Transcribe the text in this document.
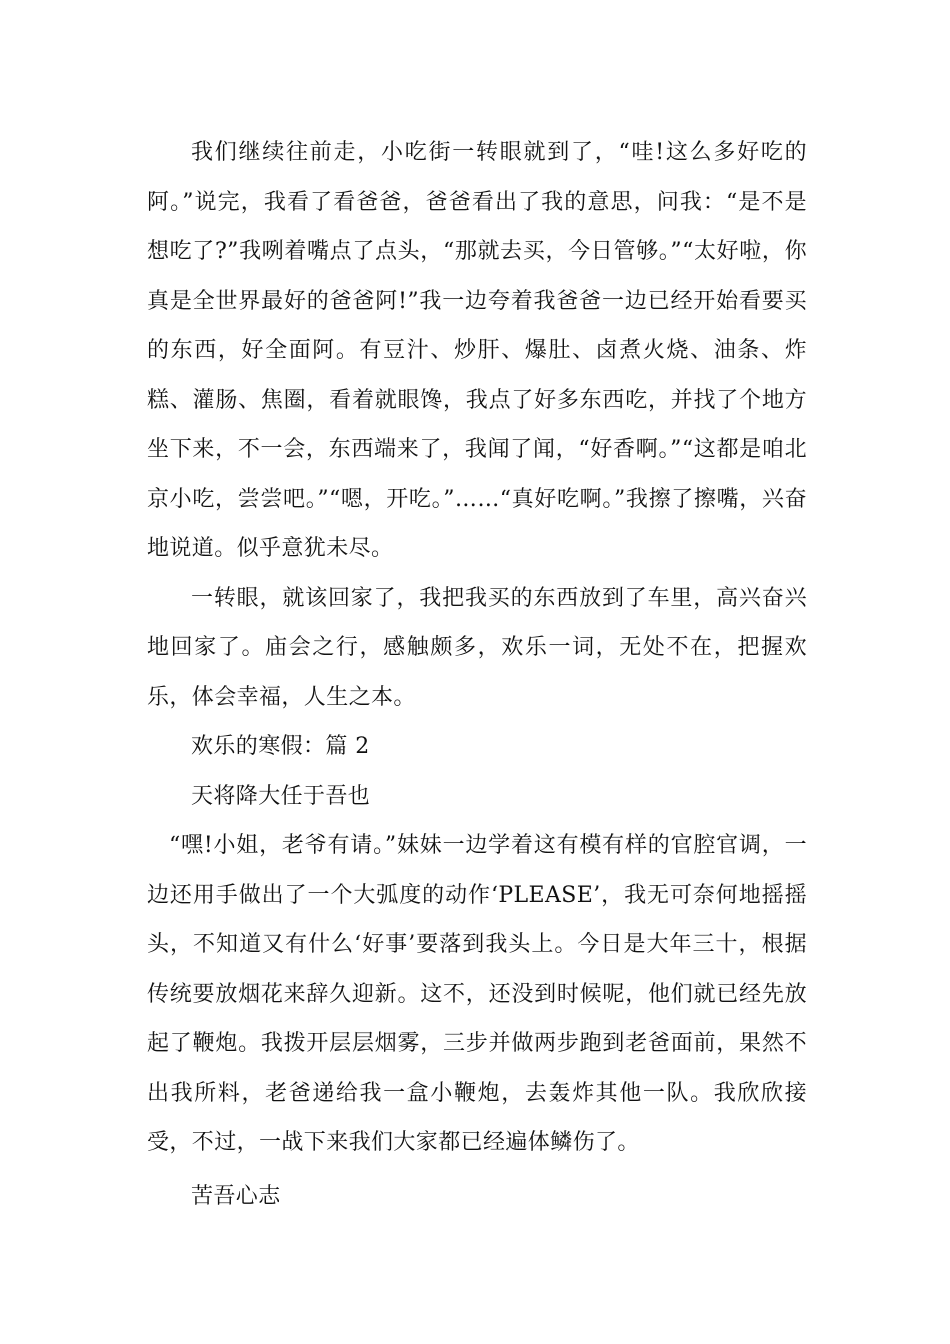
我们继续往前走，小吃街一转眼就到了，“哇!这么多好吃的阿。”说完，我看了看爸爸，爸爸看出了我的意思，问我：“是不是想吃了?”我咧着嘴点了点头，“那就去买，今日管够。”“太好啦，你真是全世界最好的爸爸阿!”我一边夸着我爸爸一边已经开始看要买的东西，好全面阿。有豆汁、炒肝、爆肚、卤煮火烧、油条、炸糕、灌肠、焦圈，看着就眼馋，我点了好多东西吃，并找了个地方坐下来，不一会，东西端来了，我闻了闻，“好香啊。”“这都是咱北京小吃，尝尝吧。”“嗯，开吃。”……“真好吃啊。”我擦了擦嘴，兴奋地说道。似乎意犹未尽。

一转眼，就该回家了，我把我买的东西放到了车里，高兴奋兴地回家了。庙会之行，感触颇多，欢乐一词，无处不在，把握欢乐，体会幸福，人生之本。

欢乐的寒假：篇 2

天将降大任于吾也

“嘿!小姐，老爷有请。”妹妹一边学着这有模有样的官腔官调，一边还用手做出了一个大弧度的动作‘PLEASE’，我无可奈何地摇摇头，不知道又有什么‘好事’要落到我头上。今日是大年三十，根据传统要放烟花来辞久迎新。这不，还没到时候呢，他们就已经先放起了鞭炮。我拨开层层烟雾，三步并做两步跑到老爸面前，果然不出我所料，老爸递给我一盒小鞭炮，去轰炸其他一队。我欣欣接受，不过，一战下来我们大家都已经遍体鳞伤了。

苦吾心志
